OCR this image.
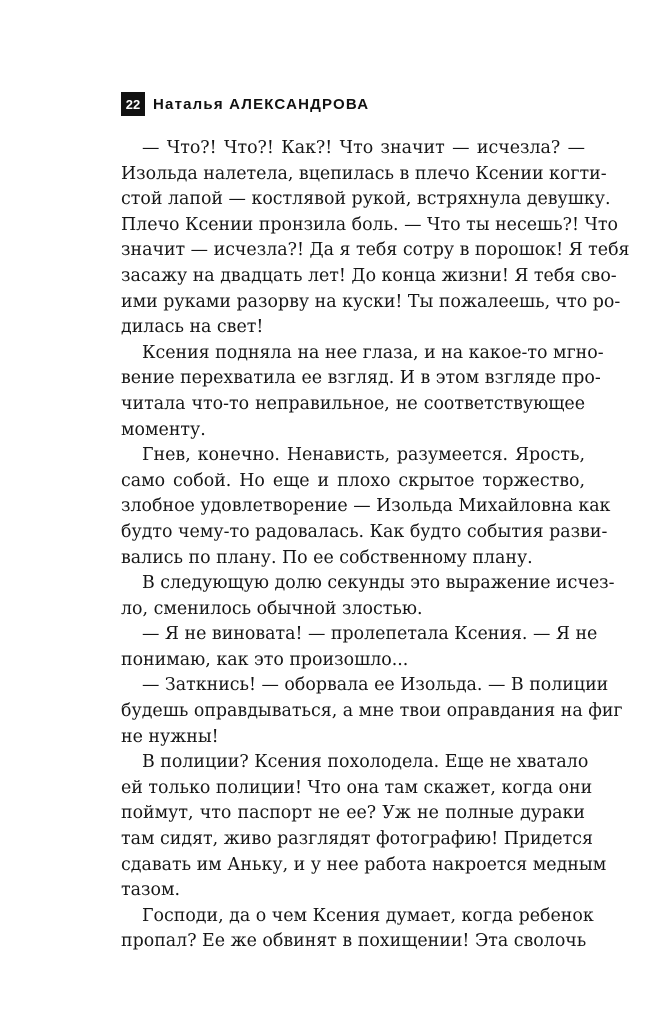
22 Наталья АЛЕКСАНДРОВА
— Что?! Что?! Как?! Что значит — исчезла? —
Изольда налетела, вцепилась в плечо Ксении когти-
стой лапой — костлявой рукой, встряхнула девушку.
Плечо Ксении пронзила боль. — Что ты несешь?! Что
значит — исчезла?! Да я тебя сотру в порошок! Я тебя
засажу на двадцать лет! До конца жизни! Я тебя сво-
ими руками разорву на куски! Ты пожалеешь, что ро-
дилась на свет!
Ксения подняла на нее глаза, и на какое-то мгно-
вение перехватила ее взгляд. И в этом взгляде про-
читала что-то неправильное, не соответствующее
моменту.
Гнев, конечно. Ненависть, разумеется. Ярость,
само собой. Но еще и плохо скрытое торжество,
злобное удовлетворение — Изольда Михайловна как
будто чему-то радовалась. Как будто события разви-
вались по плану. По ее собственному плану.
В следующую долю секунды это выражение исчез-
ло, сменилось обычной злостью.
— Я не виновата! — пролепетала Ксения. — Я не
понимаю, как это произошло...
— Заткнись! — оборвала ее Изольда. — В полиции
будешь оправдываться, а мне твои оправдания на фиг
не нужны!
В полиции? Ксения похолодела. Еще не хватало
ей только полиции! Что она там скажет, когда они
поймут, что паспорт не ее? Уж не полные дураки
там сидят, живо разглядят фотографию! Придется
сдавать им Аньку, и у нее работа накроется медным
тазом.
Господи, да о чем Ксения думает, когда ребенок
пропал? Ее же обвинят в похищении! Эта сволочь
